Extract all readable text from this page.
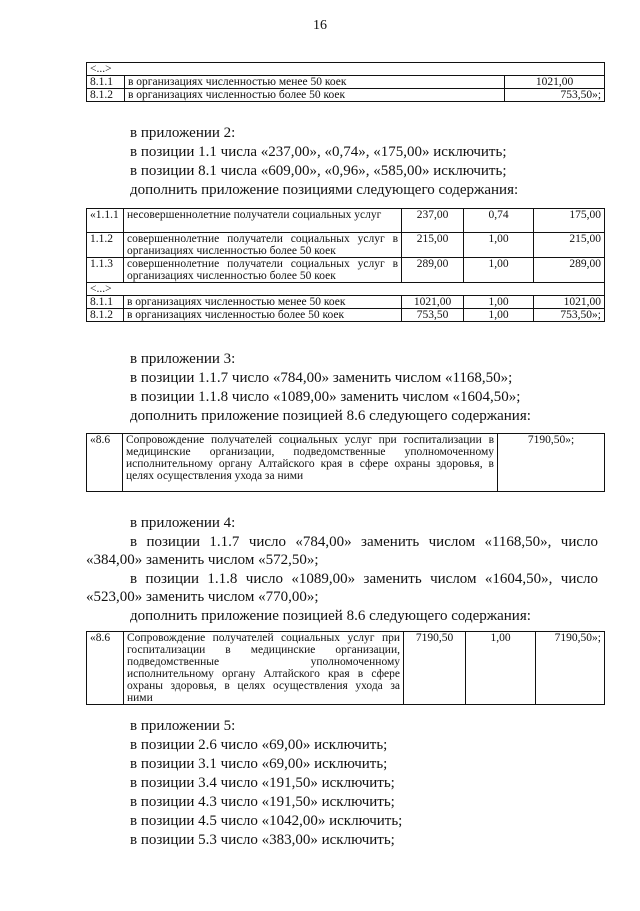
16
<...>		
8.1.1	в организациях численностью менее 50 коек	1021,00
8.1.2	в организациях численностью более 50 коек	753,50»;
в приложении 2:
в позиции 1.1 числа «237,00», «0,74», «175,00» исключить;
в позиции 8.1 числа «609,00», «0,96», «585,00» исключить;
дополнить приложение позициями следующего содержания:
«1.1.1	несовершеннолетние получатели социальных услуг	237,00	0,74	175,00
1.1.2	совершеннолетние получатели социальных услуг в организациях численностью более 50 коек	215,00	1,00	215,00
1.1.3	совершеннолетние получатели социальных услуг в организациях численностью более 50 коек	289,00	1,00	289,00
<...>				
8.1.1	в организациях численностью менее 50 коек	1021,00	1,00	1021,00
8.1.2	в организациях численностью более 50 коек	753,50	1,00	753,50»;
в приложении 3:
в позиции 1.1.7 число «784,00» заменить числом «1168,50»;
в позиции 1.1.8 число «1089,00» заменить числом «1604,50»;
дополнить приложение позицией 8.6 следующего содержания:
«8.6	Сопровождение получателей социальных услуг при госпитализации в медицинские организации, подведомственные уполномоченному исполнительному органу Алтайского края в сфере охраны здоровья, в целях осуществления ухода за ними	7190,50»;
в приложении 4:
в позиции 1.1.7 число «784,00» заменить числом «1168,50», число
«384,00» заменить числом «572,50»;
в позиции 1.1.8 число «1089,00» заменить числом «1604,50», число
«523,00» заменить числом «770,00»;
дополнить приложение позицией 8.6 следующего содержания:
«8.6	Сопровождение получателей социальных услуг при госпитализации в медицинские организации, подведомственные уполномоченному исполнительному органу Алтайского края в сфере охраны здоровья, в целях осуществления ухода за ними	7190,50	1,00	7190,50»;
в приложении 5:
в позиции 2.6 число «69,00» исключить;
в позиции 3.1 число «69,00» исключить;
в позиции 3.4 число «191,50» исключить;
в позиции 4.3 число «191,50» исключить;
в позиции 4.5 число «1042,00» исключить;
в позиции 5.3 число «383,00» исключить;
